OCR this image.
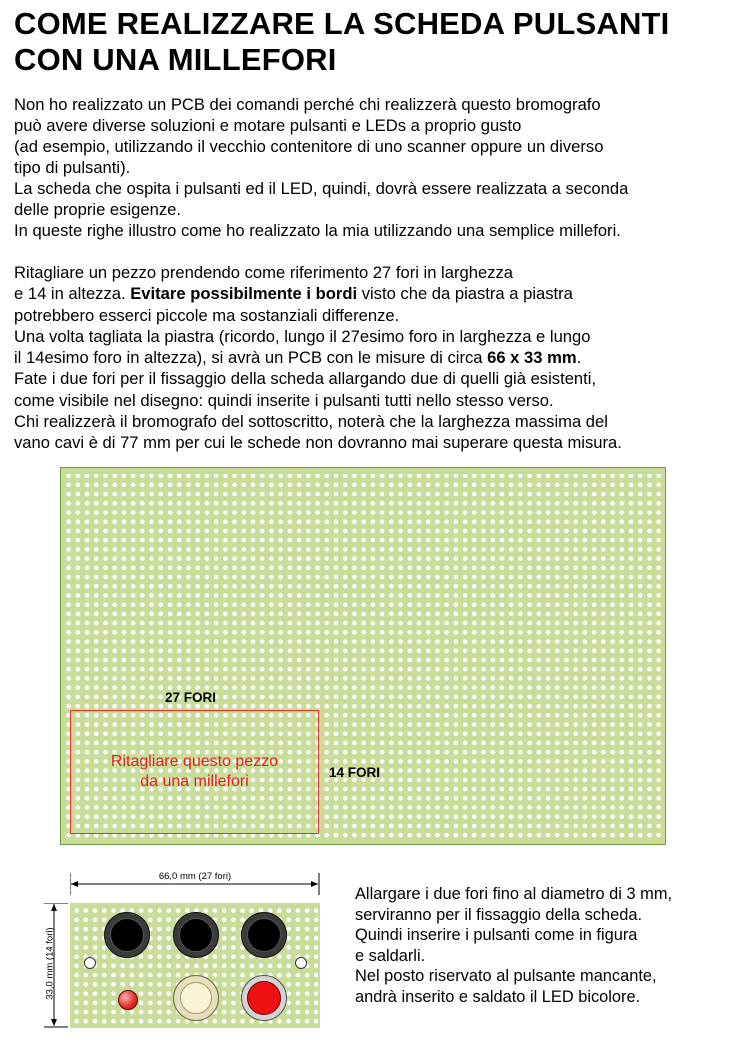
COME REALIZZARE LA SCHEDA PULSANTI
CON UNA MILLEFORI
Non ho realizzato un PCB dei comandi perché chi realizzerà questo bromografo
può avere diverse soluzioni e motare pulsanti e LEDs a proprio gusto
(ad esempio, utilizzando il vecchio contenitore di uno scanner oppure un diverso
tipo di pulsanti).
La scheda che ospita i pulsanti ed il LED, quindi, dovrà essere realizzata a seconda
delle proprie esigenze.
In queste righe illustro come ho realizzato la mia utilizzando una semplice millefori.
Ritagliare un pezzo prendendo come riferimento 27 fori in larghezza
e 14 in altezza. Evitare possibilmente i bordi visto che da piastra a piastra
potrebbero esserci piccole ma sostanziali differenze.
Una volta tagliata la piastra (ricordo, lungo il 27esimo foro in larghezza e lungo
il 14esimo foro in altezza), si avrà un PCB con le misure di circa 66 x 33 mm.
Fate i due fori per il fissaggio della scheda allargando due di quelli già esistenti,
come visibile nel disegno: quindi inserite i pulsanti tutti nello stesso verso.
Chi realizzerà il bromografo del sottoscritto, noterà che la larghezza massima del
vano cavi è di 77 mm per cui le schede non dovranno mai superare questa misura.
27 FORI
14 FORI
Ritagliare questo pezzo
da una millefori
66,0 mm (27 fori)
33,0 mm (14 fori)
Allargare i due fori fino al diametro di 3 mm,
serviranno per il fissaggio della scheda.
Quindi inserire i pulsanti come in figura
e saldarli.
Nel posto riservato al pulsante mancante,
andrà inserito e saldato il LED bicolore.
